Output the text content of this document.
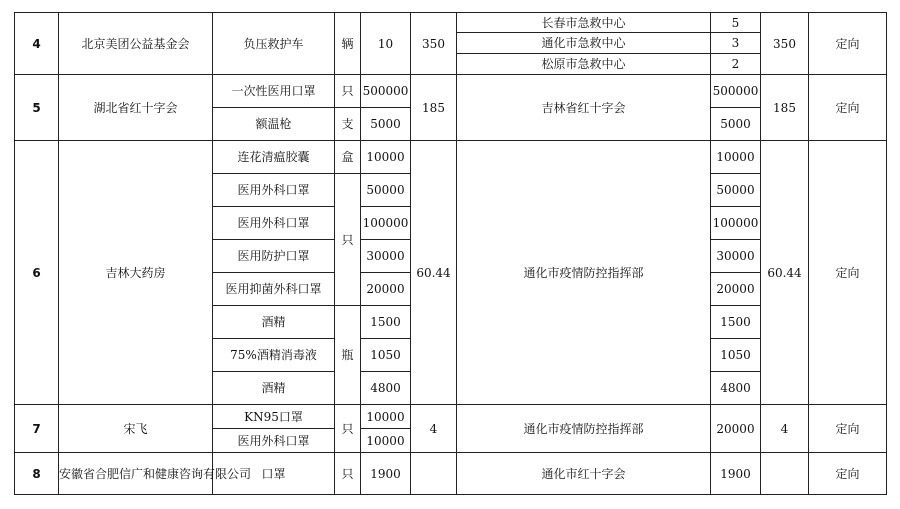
4	北京美团公益基金会	负压救护车	辆	10	350	长春市急救中心	5	350	定向
						通化市急救中心	3		
						松原市急救中心	2		
5	湖北省红十字会	一次性医用口罩	只	500000	185	吉林省红十字会	500000	185	定向
		额温枪	支	5000			5000		
6	吉林大药房	连花清瘟胶囊	盒	10000	60.44	通化市疫情防控指挥部	10000	60.44	定向
		医用外科口罩	只	50000			50000		
		医用外科口罩		100000			100000		
		医用防护口罩		30000			30000		
		医用抑菌外科口罩		20000			20000		
		酒精	瓶	1500			1500		
		75%酒精消毒液		1050			1050		
		酒精		4800			4800		
7	宋飞	KN95口罩	只	10000	4	通化市疫情防控指挥部	20000	4	定向
		医用外科口罩		10000					
8	安徽省合肥信广和健康咨询有限公司	口罩	只	1900		通化市红十字会	1900		定向
